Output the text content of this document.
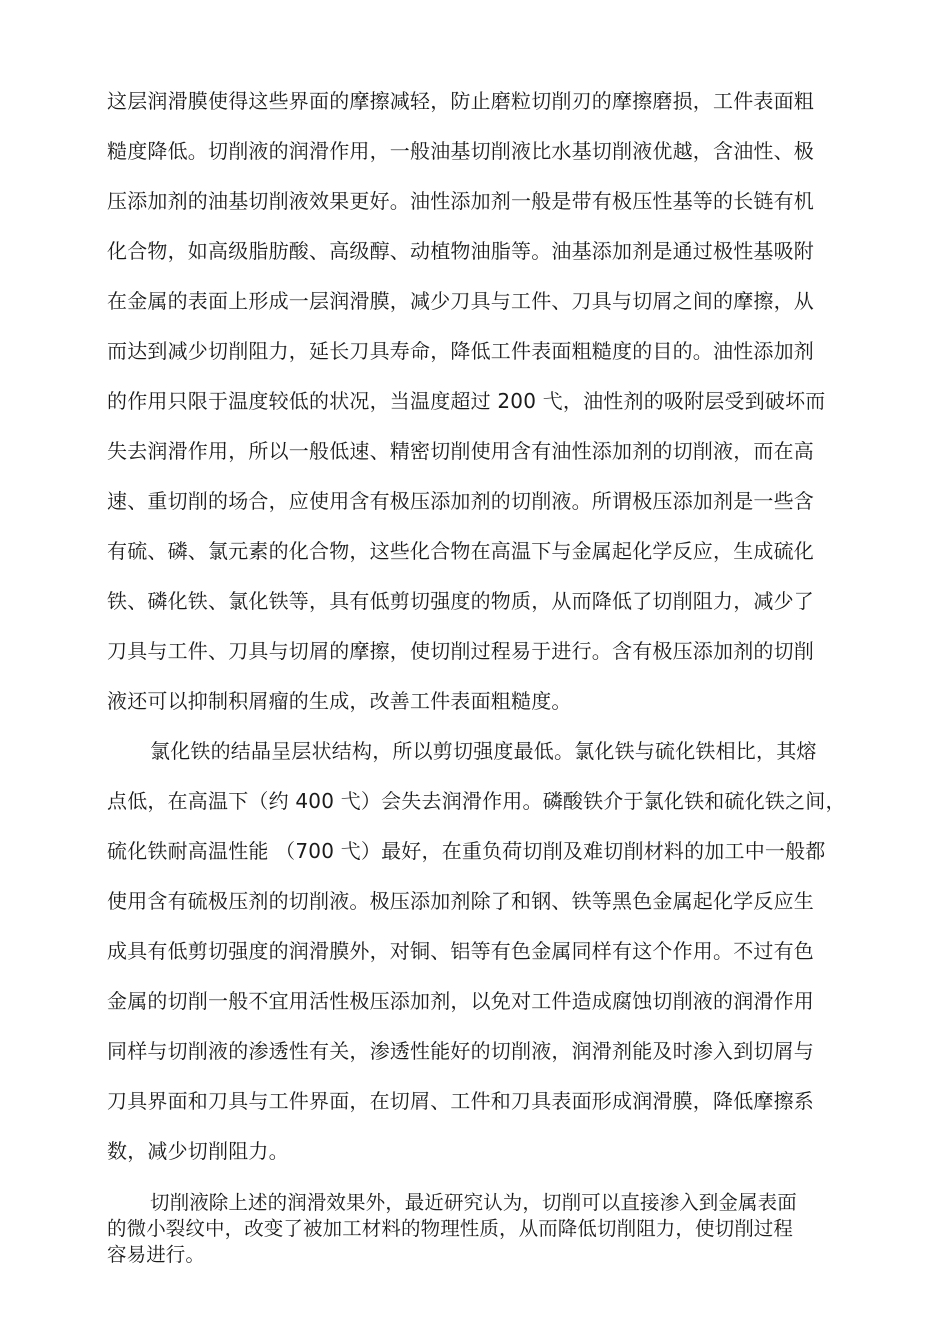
这层润滑膜使得这些界面的摩擦减轻，防止磨粒切削刃的摩擦磨损，工件表面粗
糙度降低。切削液的润滑作用，一般油基切削液比水基切削液优越，含油性、极
压添加剂的油基切削液效果更好。油性添加剂一般是带有极压性基等的长链有机
化合物，如高级脂肪酸、高级醇、动植物油脂等。油基添加剂是通过极性基吸附
在金属的表面上形成一层润滑膜，减少刀具与工件、刀具与切屑之间的摩擦，从
而达到减少切削阻力，延长刀具寿命，降低工件表面粗糙度的目的。油性添加剂
的作用只限于温度较低的状况，当温度超过 200 弋，油性剂的吸附层受到破坏而
失去润滑作用，所以一般低速、精密切削使用含有油性添加剂的切削液，而在高
速、重切削的场合，应使用含有极压添加剂的切削液。所谓极压添加剂是一些含
有硫、磷、氯元素的化合物，这些化合物在高温下与金属起化学反应，生成硫化
铁、磷化铁、氯化铁等，具有低剪切强度的物质，从而降低了切削阻力，减少了
刀具与工件、刀具与切屑的摩擦，使切削过程易于进行。含有极压添加剂的切削
液还可以抑制积屑瘤的生成，改善工件表面粗糙度。
氯化铁的结晶呈层状结构，所以剪切强度最低。氯化铁与硫化铁相比，其熔
点低，在高温下（约 400 弋）会失去润滑作用。磷酸铁介于氯化铁和硫化铁之间，
硫化铁耐高温性能 （700 弋）最好，在重负荷切削及难切削材料的加工中一般都
使用含有硫极压剂的切削液。极压添加剂除了和钢、铁等黑色金属起化学反应生
成具有低剪切强度的润滑膜外，对铜、铝等有色金属同样有这个作用。不过有色
金属的切削一般不宜用活性极压添加剂，以免对工件造成腐蚀切削液的润滑作用
同样与切削液的渗透性有关，渗透性能好的切削液，润滑剂能及时渗入到切屑与
刀具界面和刀具与工件界面，在切屑、工件和刀具表面形成润滑膜，降低摩擦系
数，减少切削阻力。
切削液除上述的润滑效果外，最近研究认为，切削可以直接渗入到金属表面
的微小裂纹中，改变了被加工材料的物理性质，从而降低切削阻力，使切削过程
容易进行。
